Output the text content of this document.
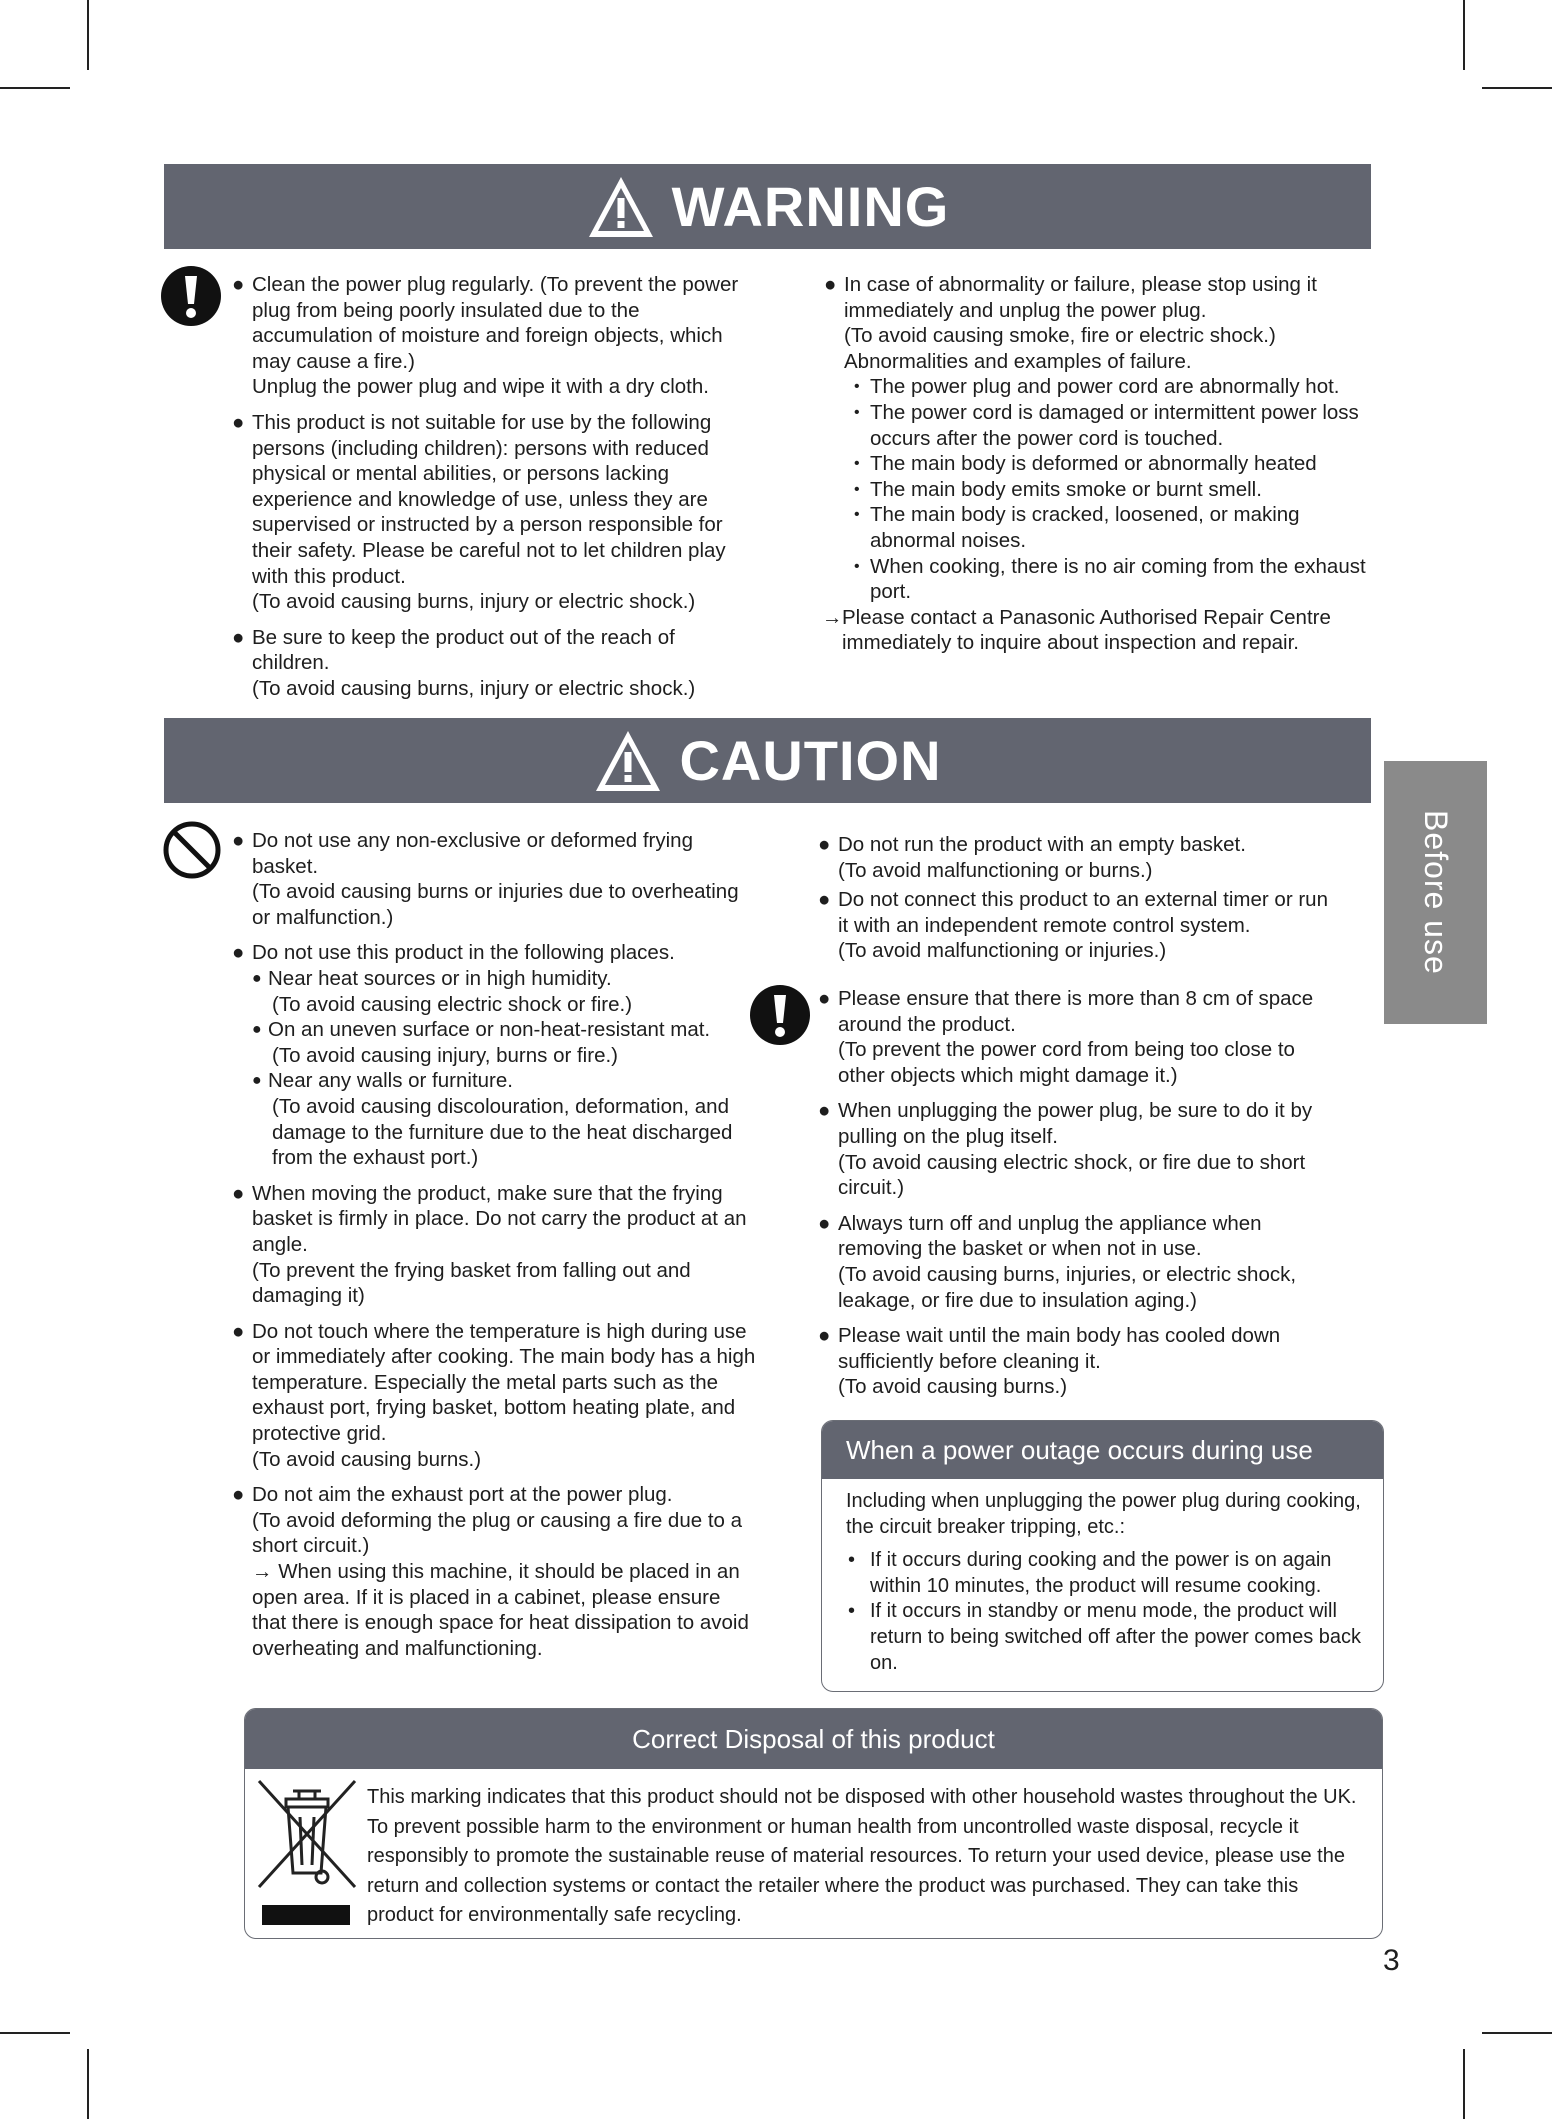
WARNING
● Clean the power plug regularly. (To prevent the power plug from being poorly insulated due to the accumulation of moisture and foreign objects, which may cause a fire.)

Unplug the power plug and wipe it with a dry cloth.

● This product is not suitable for use by the following persons (including children): persons with reduced physical or mental abilities, or persons lacking experience and knowledge of use, unless they are supervised or instructed by a person responsible for their safety. Please be careful not to let children play with this product.

(To avoid causing burns, injury or electric shock.)

● Be sure to keep the product out of the reach of children.

(To avoid causing burns, injury or electric shock.)

● In case of abnormality or failure, please stop using it immediately and unplug the power plug.

(To avoid causing smoke, fire or electric shock.)

Abnormalities and examples of failure.

• The power plug and power cord are abnormally hot.

• The power cord is damaged or intermittent power loss occurs after the power cord is touched.

• The main body is deformed or abnormally heated

• The main body emits smoke or burnt smell.

• The main body is cracked, loosened, or making abnormal noises.

• When cooking, there is no air coming from the exhaust port.

→ Please contact a Panasonic Authorised Repair Centre immediately to inquire about inspection and repair.

CAUTION
● Do not use any non-exclusive or deformed frying basket.

(To avoid causing burns or injuries due to overheating or malfunction.)

● Do not use this product in the following places.

● Near heat sources or in high humidity.

(To avoid causing electric shock or fire.)

● On an uneven surface or non-heat-resistant mat.

(To avoid causing injury, burns or fire.)

● Near any walls or furniture.

(To avoid causing discolouration, deformation, and damage to the furniture due to the heat discharged from the exhaust port.)

● When moving the product, make sure that the frying basket is firmly in place. Do not carry the product at an angle.

(To prevent the frying basket from falling out and damaging it)

● Do not touch where the temperature is high during use or immediately after cooking. The main body has a high temperature. Especially the metal parts such as the exhaust port, frying basket, bottom heating plate, and protective grid.

(To avoid causing burns.)

● Do not aim the exhaust port at the power plug.

(To avoid deforming the plug or causing a fire due to a short circuit.)

→ When using this machine, it should be placed in an open area. If it is placed in a cabinet, please ensure that there is enough space for heat dissipation to avoid overheating and malfunctioning.

● Do not run the product with an empty basket.

(To avoid malfunctioning or burns.)

● Do not connect this product to an external timer or run it with an independent remote control system.

(To avoid malfunctioning or injuries.)

● Please ensure that there is more than 8 cm of space around the product.

(To prevent the power cord from being too close to other objects which might damage it.)

● When unplugging the power plug, be sure to do it by pulling on the plug itself.

(To avoid causing electric shock, or fire due to short circuit.)

● Always turn off and unplug the appliance when removing the basket or when not in use.

(To avoid causing burns, injuries, or electric shock, leakage, or fire due to insulation aging.)

● Please wait until the main body has cooled down sufficiently before cleaning it.

(To avoid causing burns.)

Before use
When a power outage occurs during use

Including when unplugging the power plug during cooking, the circuit breaker tripping, etc.:

• If it occurs during cooking and the power is on again within 10 minutes, the product will resume cooking.

• If it occurs in standby or menu mode, the product will return to being switched off after the power comes back on.

Correct Disposal of this product
This marking indicates that this product should not be disposed with other household wastes throughout the UK. To prevent possible harm to the environment or human health from uncontrolled waste disposal, recycle it responsibly to promote the sustainable reuse of material resources. To return your used device, please use the return and collection systems or contact the retailer where the product was purchased. They can take this product for environmentally safe recycling.
3
